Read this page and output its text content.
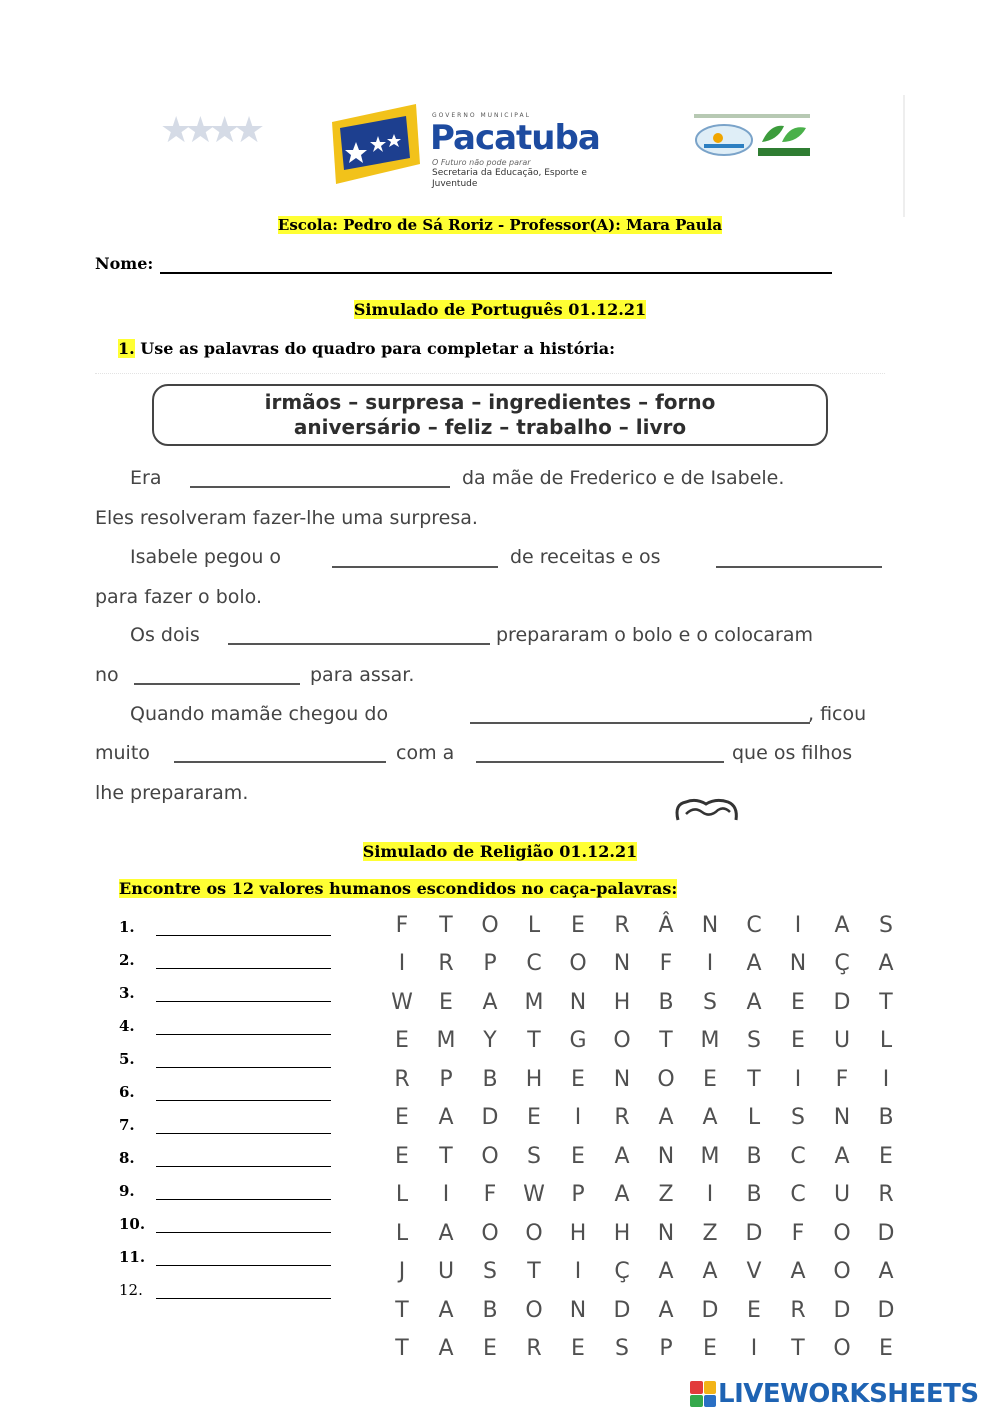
★★★★	GOVERNO MUNICIPAL
Pacatuba
O Futuro não pode parar
Secretaria da Educação, Esporte e Juventude
Escola: Pedro de Sá Roriz - Professor(A): Mara Paula
Nome:
Simulado de Português 01.12.21
1. Use as palavras do quadro para completar a história:
irmãos – surpresa – ingredientes – forno
aniversário – feliz – trabalho – livro
Era	da mãe de Frederico e de Isabele.
Eles resolveram fazer-lhe uma surpresa.
Isabele pegou o	de receitas e os
para fazer o bolo.
Os dois	prepararam o bolo e o colocaram
no	para assar.
Quando mamãe chegou do	, ficou
muito	com a	que os filhos
lhe prepararam.
Simulado de Religião 01.12.21
Encontre os 12 valores humanos escondidos no caça-palavras:
1.
2.
3.
4.
5.
6.
7.
8.
9.
10.
11.
12.
F	T	O	L	E	R	Â	N	C	I	A	S
I	R	P	C	O	N	F	I	A	N	Ç	A
W	E	A	M	N	H	B	S	A	E	D	T
E	M	Y	T	G	O	T	M	S	E	U	L
R	P	B	H	E	N	O	E	T	I	F	I
E	A	D	E	I	R	A	A	L	S	N	B
E	T	O	S	E	A	N	M	B	C	A	E
L	I	F	W	P	A	Z	I	B	C	U	R
L	A	O	O	H	H	N	Z	D	F	O	D
J	U	S	T	I	Ç	A	A	V	A	O	A
T	A	B	O	N	D	A	D	E	R	D	D
T	A	E	R	E	S	P	E	I	T	O	E
LIVEWORKSHEETS
